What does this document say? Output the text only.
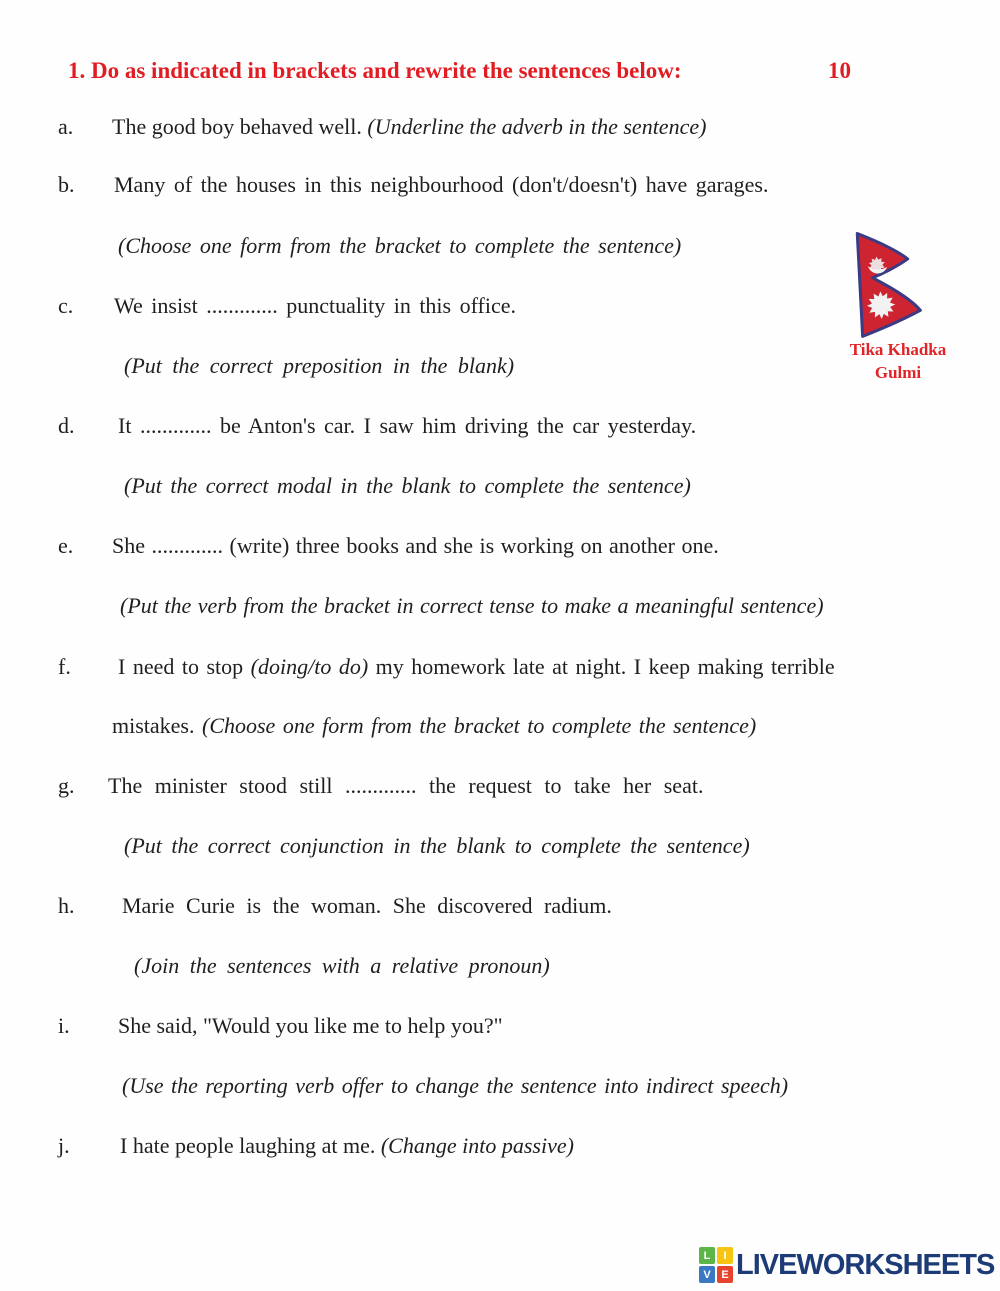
1. Do as indicated in brackets and rewrite the sentences below:	10
a. The good boy behaved well. (Underline the adverb in the sentence)
b. Many of the houses in this neighbourhood (don't/doesn't) have garages.
(Choose one form from the bracket to complete the sentence)
c. We insist ............. punctuality in this office.
(Put the correct preposition in the blank)
d. It ............. be Anton's car. I saw him driving the car yesterday.
(Put the correct modal in the blank to complete the sentence)
e. She ............. (write) three books and she is working on another one.
(Put the verb from the bracket in correct tense to make a meaningful sentence)
f. I need to stop (doing/to do) my homework late at night. I keep making terrible
mistakes. (Choose one form from the bracket to complete the sentence)
g. The minister stood still ............. the request to take her seat.
(Put the correct conjunction in the blank to complete the sentence)
h. Marie Curie is the woman. She discovered radium.
(Join the sentences with a relative pronoun)
i. She said, "Would you like me to help you?"
(Use the reporting verb offer to change the sentence into indirect speech)
j. I hate people laughing at me. (Change into passive)
Tika Khadka
Gulmi
L	I
V E LIVEWORKSHEETS
